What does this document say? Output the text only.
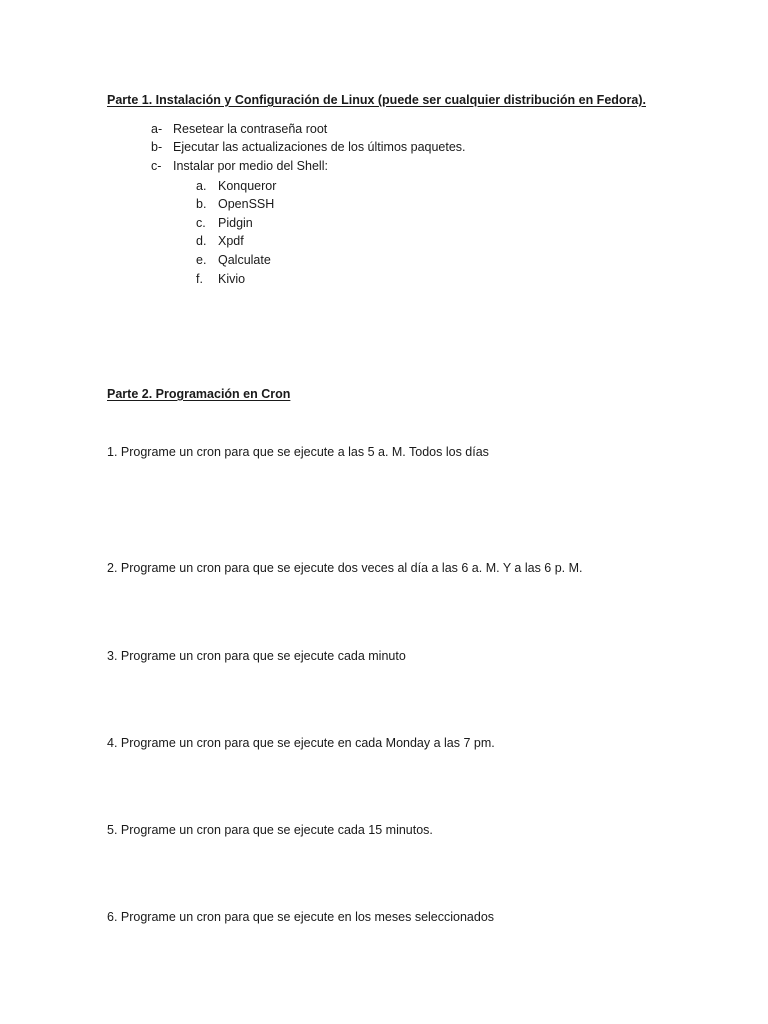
Parte 1. Instalación y Configuración de Linux (puede ser cualquier distribución en Fedora).
a- Resetear la contraseña root
b- Ejecutar las actualizaciones de los últimos paquetes.
c- Instalar por medio del Shell:
a. Konqueror
b. OpenSSH
c. Pidgin
d. Xpdf
e. Qalculate
f. Kivio
Parte 2. Programación en Cron
1. Programe un cron para que se ejecute a las 5 a. M. Todos los días
2. Programe un cron para que se ejecute dos veces al día a las 6 a. M. Y a las 6 p. M.
3. Programe un cron para que se ejecute cada minuto
4. Programe un cron para que se ejecute en cada Monday a las 7 pm.
5. Programe un cron para que se ejecute cada 15 minutos.
6. Programe un cron para que se ejecute en los meses seleccionados
